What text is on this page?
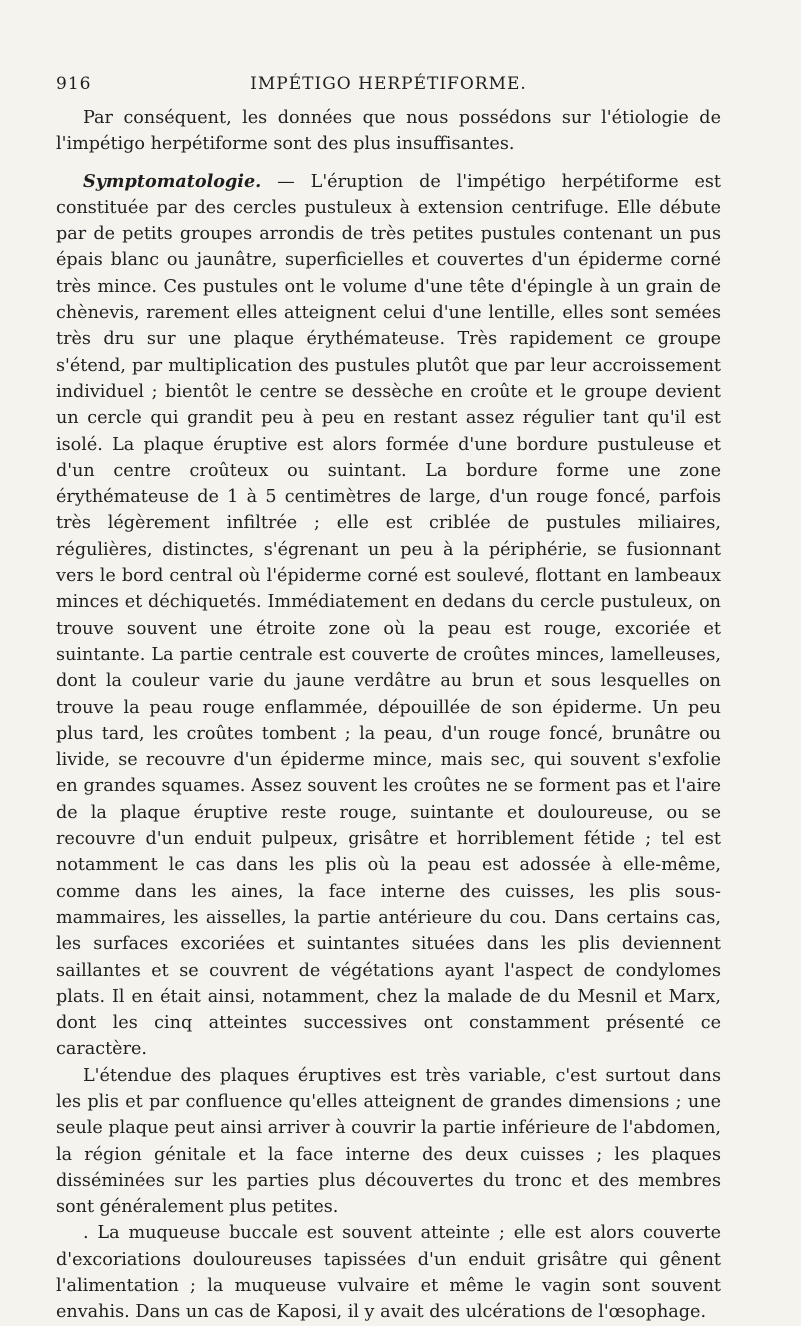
916	IMPÉTIGO HERPÉTIFORME.

Par conséquent, les données que nous possédons sur l'étiologie de l'impétigo herpétiforme sont des plus insuffisantes.

Symptomatologie. — L'éruption de l'impétigo herpétiforme est constituée par des cercles pustuleux à extension centrifuge. Elle débute par de petits groupes arrondis de très petites pustules contenant un pus épais blanc ou jaunâtre, superficielles et couvertes d'un épiderme corné très mince. Ces pustules ont le volume d'une tête d'épingle à un grain de chènevis, rarement elles atteignent celui d'une lentille, elles sont semées très dru sur une plaque érythémateuse. Très rapidement ce groupe s'étend, par multiplication des pustules plutôt que par leur accroissement individuel ; bientôt le centre se dessèche en croûte et le groupe devient un cercle qui grandit peu à peu en restant assez régulier tant qu'il est isolé. La plaque éruptive est alors formée d'une bordure pustuleuse et d'un centre croûteux ou suintant. La bordure forme une zone érythémateuse de 1 à 5 centimètres de large, d'un rouge foncé, parfois très légèrement infiltrée ; elle est criblée de pustules miliaires, régulières, distinctes, s'égrenant un peu à la périphérie, se fusionnant vers le bord central où l'épiderme corné est soulevé, flottant en lambeaux minces et déchiquetés. Immédiatement en dedans du cercle pustuleux, on trouve souvent une étroite zone où la peau est rouge, excoriée et suintante. La partie centrale est couverte de croûtes minces, lamelleuses, dont la couleur varie du jaune verdâtre au brun et sous lesquelles on trouve la peau rouge enflammée, dépouillée de son épiderme. Un peu plus tard, les croûtes tombent ; la peau, d'un rouge foncé, brunâtre ou livide, se recouvre d'un épiderme mince, mais sec, qui souvent s'exfolie en grandes squames. Assez souvent les croûtes ne se forment pas et l'aire de la plaque éruptive reste rouge, suintante et douloureuse, ou se recouvre d'un enduit pulpeux, grisâtre et horriblement fétide ; tel est notamment le cas dans les plis où la peau est adossée à elle-même, comme dans les aines, la face interne des cuisses, les plis sous-mammaires, les aisselles, la partie antérieure du cou. Dans certains cas, les surfaces excoriées et suintantes situées dans les plis deviennent saillantes et se couvrent de végétations ayant l'aspect de condylomes plats. Il en était ainsi, notamment, chez la malade de du Mesnil et Marx, dont les cinq atteintes successives ont constamment présenté ce caractère.

L'étendue des plaques éruptives est très variable, c'est surtout dans les plis et par confluence qu'elles atteignent de grandes dimensions ; une seule plaque peut ainsi arriver à couvrir la partie inférieure de l'abdomen, la région génitale et la face interne des deux cuisses ; les plaques disséminées sur les parties plus découvertes du tronc et des membres sont généralement plus petites.

. La muqueuse buccale est souvent atteinte ; elle est alors couverte d'excoriations douloureuses tapissées d'un enduit grisâtre qui gênent l'alimentation ; la muqueuse vulvaire et même le vagin sont souvent envahis. Dans un cas de Kaposi, il y avait des ulcérations de l'œsophage.
